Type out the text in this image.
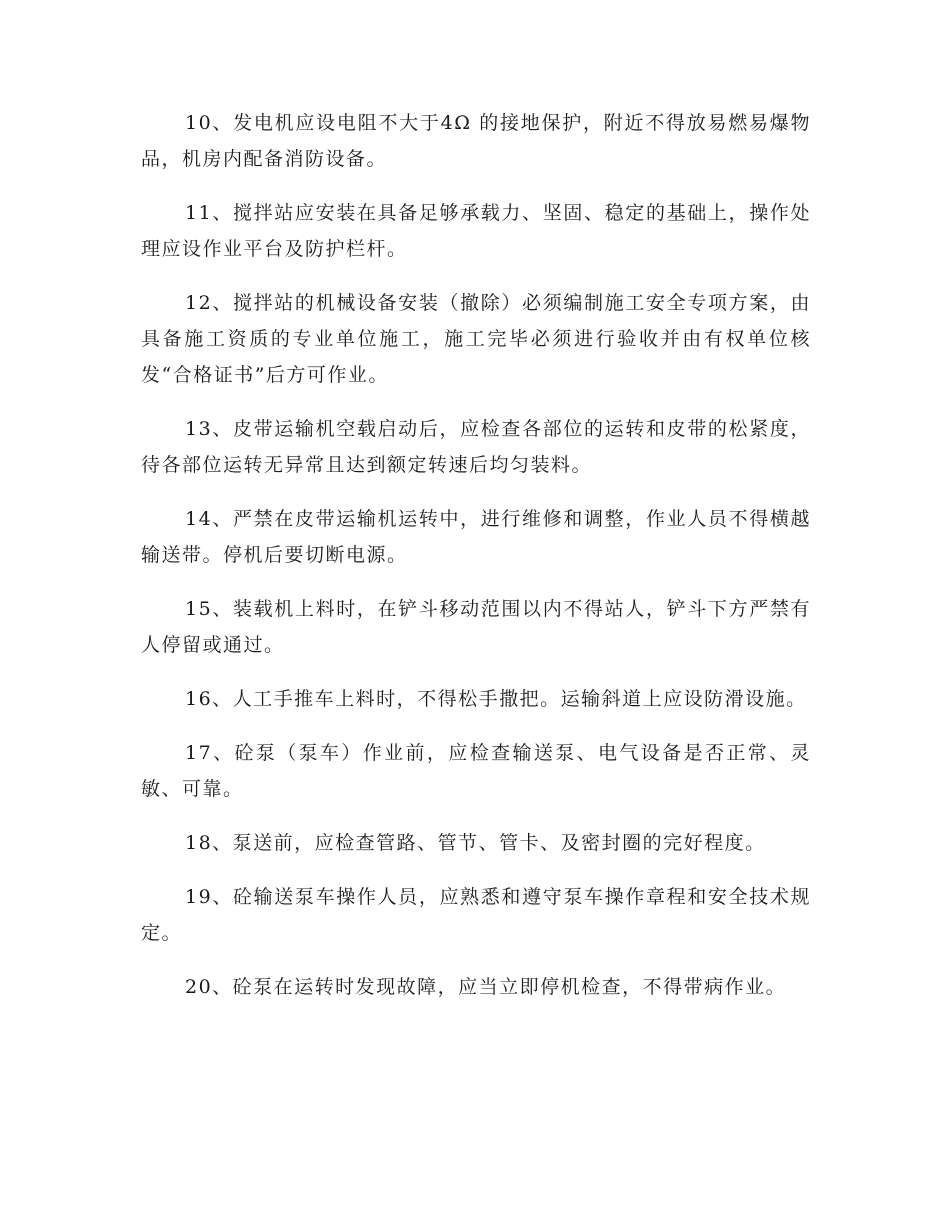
10、发电机应设电阻不大于4Ω 的接地保护，附近不得放易燃易爆物品，机房内配备消防设备。

11、搅拌站应安装在具备足够承载力、坚固、稳定的基础上，操作处理应设作业平台及防护栏杆。

12、搅拌站的机械设备安装（撤除）必须编制施工安全专项方案，由具备施工资质的专业单位施工，施工完毕必须进行验收并由有权单位核发“合格证书”后方可作业。

13、皮带运输机空载启动后，应检查各部位的运转和皮带的松紧度，待各部位运转无异常且达到额定转速后均匀装料。

14、严禁在皮带运输机运转中，进行维修和调整，作业人员不得横越输送带。停机后要切断电源。

15、装载机上料时，在铲斗移动范围以内不得站人，铲斗下方严禁有人停留或通过。

16、人工手推车上料时，不得松手撒把。运输斜道上应设防滑设施。

17、砼泵（泵车）作业前，应检查输送泵、电气设备是否正常、灵敏、可靠。

18、泵送前，应检查管路、管节、管卡、及密封圈的完好程度。

19、砼输送泵车操作人员，应熟悉和遵守泵车操作章程和安全技术规定。

20、砼泵在运转时发现故障，应当立即停机检查，不得带病作业。
